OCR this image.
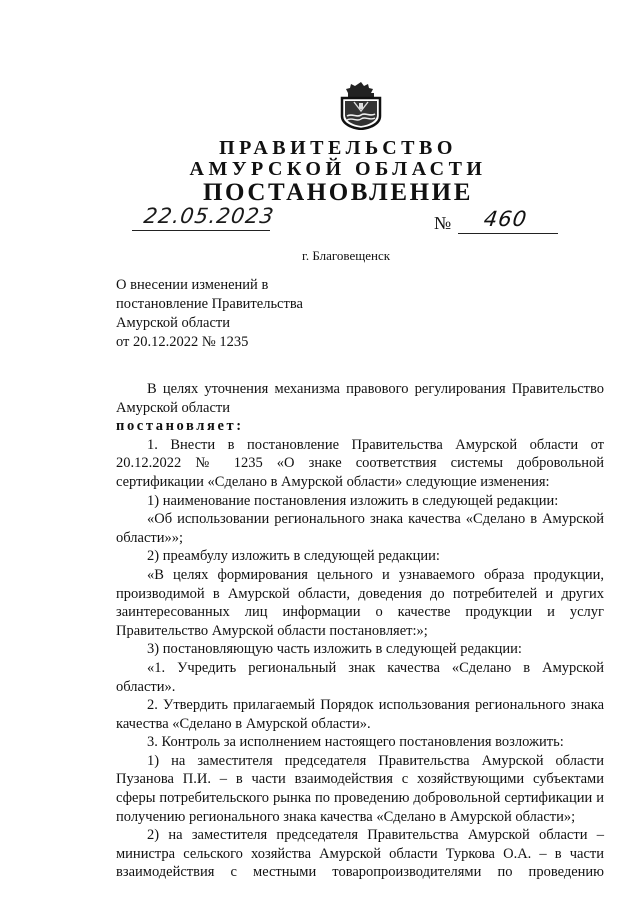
ПРАВИТЕЛЬСТВО
АМУРСКОЙ ОБЛАСТИ
ПОСТАНОВЛЕНИЕ
22.05.2023	№ 460
г. Благовещенск
О внесении изменений в
постановление Правительства
Амурской области
от 20.12.2022 № 1235

В целях уточнения механизма правового регулирования Правительство Амурской области

постановляет:

1. Внести в постановление Правительства Амурской области от 20.12.2022 № 1235 «О знаке соответствия системы добровольной сертификации «Сделано в Амурской области» следующие изменения:

1) наименование постановления изложить в следующей редакции:

«Об использовании регионального знака качества «Сделано в Амурской области»»;

2) преамбулу изложить в следующей редакции:

«В целях формирования цельного и узнаваемого образа продукции, производимой в Амурской области, доведения до потребителей и других заинтересованных лиц информации о качестве продукции и услуг Правительство Амурской области постановляет:»;

3) постановляющую часть изложить в следующей редакции:

«1. Учредить региональный знак качества «Сделано в Амурской области».

2. Утвердить прилагаемый Порядок использования регионального знака качества «Сделано в Амурской области».

3. Контроль за исполнением настоящего постановления возложить:

1) на заместителя председателя Правительства Амурской области Пузанова П.И. – в части взаимодействия с хозяйствующими субъектами сферы потребительского рынка по проведению добровольной сертификации и получению регионального знака качества «Сделано в Амурской области»;

2) на заместителя председателя Правительства Амурской области – министра сельского хозяйства Амурской области Туркова О.А. – в части взаимодействия с местными товаропроизводителями по проведению
